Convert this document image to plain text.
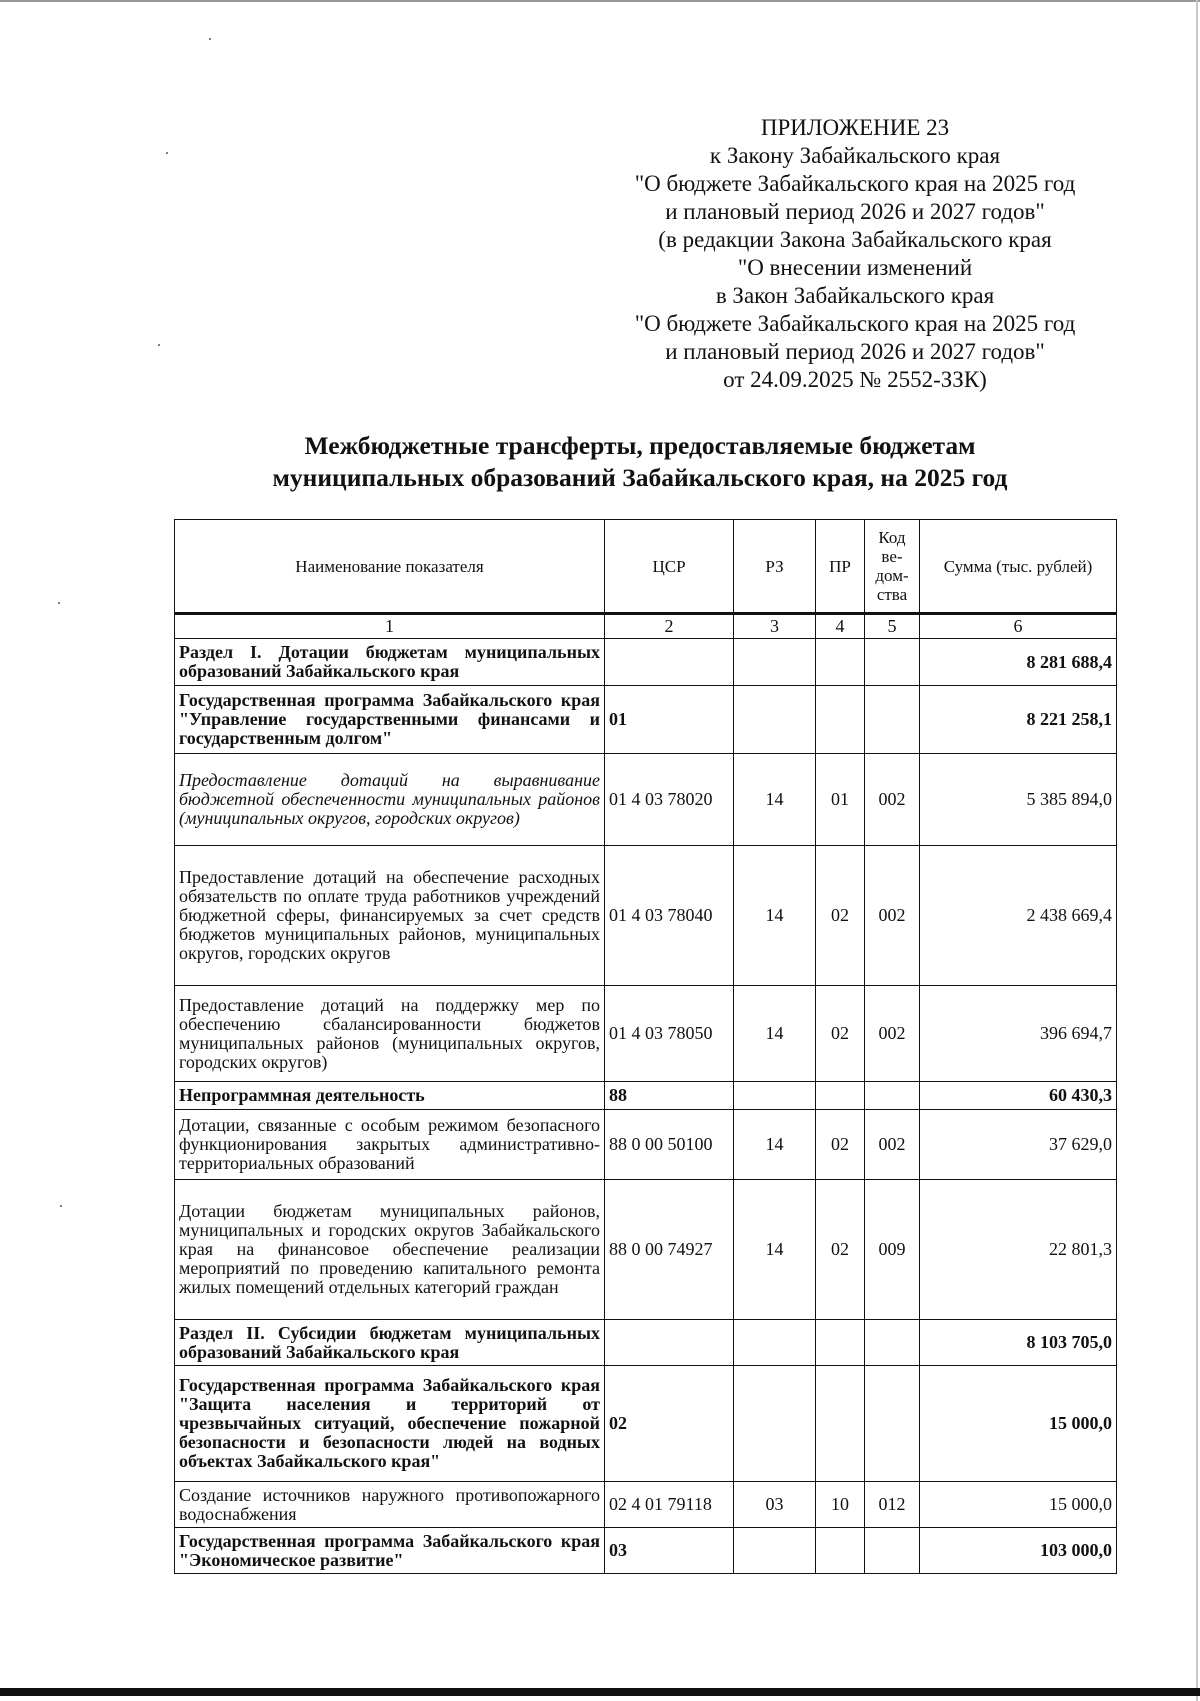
ПРИЛОЖЕНИЕ 23
к Закону Забайкальского края
"О бюджете Забайкальского края на 2025 год
и плановый период 2026 и 2027 годов"
(в редакции Закона Забайкальского края
"О внесении изменений
в Закон Забайкальского края
"О бюджете Забайкальского края на 2025 год
и плановый период 2026 и 2027 годов"
от 24.09.2025 № 2552-ЗЗК)
Межбюджетные трансферты, предоставляемые бюджетам
муниципальных образований Забайкальского края, на 2025 год
Наименование показателя	ЦСР	РЗ	ПР	Код ве- дом- ства	Сумма (тыс. рублей)
1	2	3	4	5	6
Раздел I. Дотации бюджетам муниципальных образований Забайкальского края					8 281 688,4
Государственная программа Забайкальского края "Управление государственными финансами и государственным долгом"	01				8 221 258,1
Предоставление дотаций на выравнивание бюджетной обеспеченности муниципальных районов (муниципальных округов, городских округов)	01 4 03 78020	14	01	002	5 385 894,0
Предоставление дотаций на обеспечение расходных обязательств по оплате труда работников учреждений бюджетной сферы, финансируемых за счет средств бюджетов муниципальных районов, муниципальных округов, городских округов	01 4 03 78040	14	02	002	2 438 669,4
Предоставление дотаций на поддержку мер по обеспечению сбалансированности бюджетов муниципальных районов (муниципальных округов, городских округов)	01 4 03 78050	14	02	002	396 694,7
Непрограммная деятельность	88				60 430,3
Дотации, связанные с особым режимом безопасного функционирования закрытых административно-территориальных образований	88 0 00 50100	14	02	002	37 629,0
Дотации бюджетам муниципальных районов, муниципальных и городских округов Забайкальского края на финансовое обеспечение реализации мероприятий по проведению капитального ремонта жилых помещений отдельных категорий граждан	88 0 00 74927	14	02	009	22 801,3
Раздел II. Субсидии бюджетам муниципальных образований Забайкальского края					8 103 705,0
Государственная программа Забайкальского края "Защита населения и территорий от чрезвычайных ситуаций, обеспечение пожарной безопасности и безопасности людей на водных объектах Забайкальского края"	02				15 000,0
Создание источников наружного противопожарного водоснабжения	02 4 01 79118	03	10	012	15 000,0
Государственная программа Забайкальского края "Экономическое развитие"	03				103 000,0
